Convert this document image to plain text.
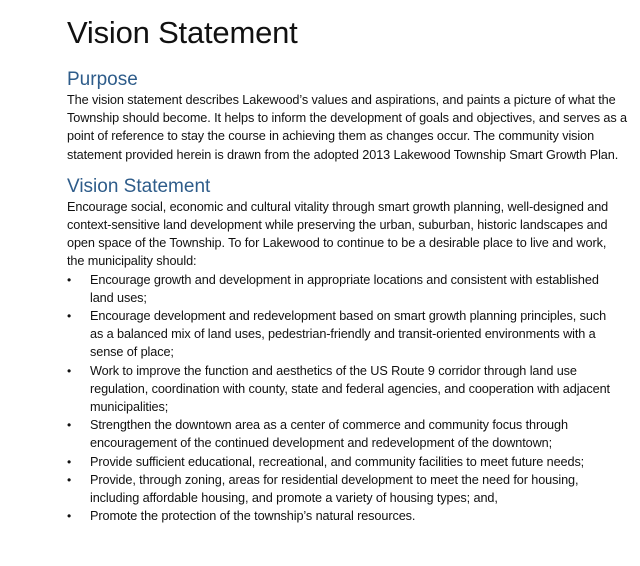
Vision Statement
Purpose

The vision statement describes Lakewood’s values and aspirations, and paints a picture of what the Township should become. It helps to inform the development of goals and objectives, and serves as a point of reference to stay the course in achieving them as changes occur. The community vision statement provided herein is drawn from the adopted 2013 Lakewood Township Smart Growth Plan.

Vision Statement

Encourage social, economic and cultural vitality through smart growth planning, well-designed and context-sensitive land development while preserving the urban, suburban, historic landscapes and open space of the Township. To for Lakewood to continue to be a desirable place to live and work, the municipality should:

• Encourage growth and development in appropriate locations and consistent with established land uses;
• Encourage development and redevelopment based on smart growth planning principles, such as a balanced mix of land uses, pedestrian-friendly and transit-oriented environments with a sense of place;
• Work to improve the function and aesthetics of the US Route 9 corridor through land use regulation, coordination with county, state and federal agencies, and cooperation with adjacent municipalities;
• Strengthen the downtown area as a center of commerce and community focus through encouragement of the continued development and redevelopment of the downtown;
• Provide sufficient educational, recreational, and community facilities to meet future needs;
• Provide, through zoning, areas for residential development to meet the need for housing, including affordable housing, and promote a variety of housing types; and,
• Promote the protection of the township’s natural resources.
